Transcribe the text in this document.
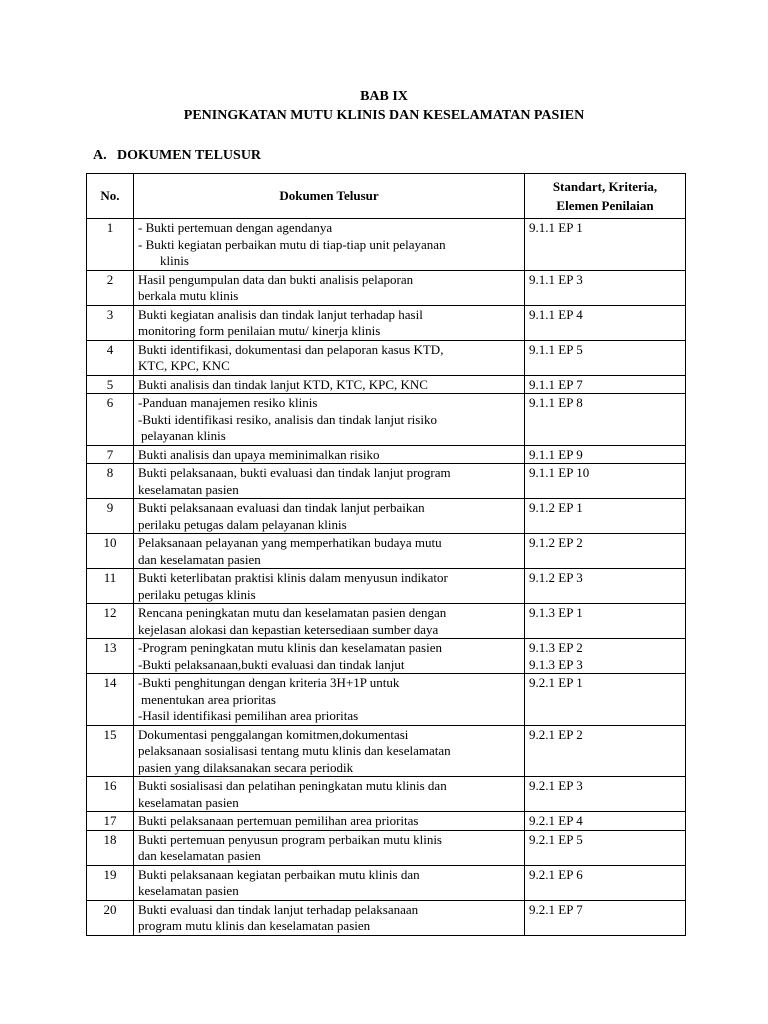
BAB IX
PENINGKATAN MUTU KLINIS DAN KESELAMATAN PASIEN
A. DOKUMEN TELUSUR
No.	Dokumen Telusur	Standart, Kriteria,
Elemen Penilaian

1	- Bukti pertemuan dengan agendanya
- Bukti kegiatan perbaikan mutu di tiap-tiap unit pelayanan
klinis	9.1.1 EP 1

2	Hasil pengumpulan data dan bukti analisis pelaporan
berkala mutu klinis	9.1.1 EP 3

3	Bukti kegiatan analisis dan tindak lanjut terhadap hasil
monitoring form penilaian mutu/ kinerja klinis	9.1.1 EP 4

4	Bukti identifikasi, dokumentasi dan pelaporan kasus KTD,
KTC, KPC, KNC	9.1.1 EP 5

5	Bukti analisis dan tindak lanjut KTD, KTC, KPC, KNC	9.1.1 EP 7

6	-Panduan manajemen resiko klinis
-Bukti identifikasi resiko, analisis dan tindak lanjut risiko
pelayanan klinis	9.1.1 EP 8

7	Bukti analisis dan upaya meminimalkan risiko	9.1.1 EP 9

8	Bukti pelaksanaan, bukti evaluasi dan tindak lanjut program
keselamatan pasien	9.1.1 EP 10

9	Bukti pelaksanaan evaluasi dan tindak lanjut perbaikan
perilaku petugas dalam pelayanan klinis	9.1.2 EP 1

10	Pelaksanaan pelayanan yang memperhatikan budaya mutu
dan keselamatan pasien	9.1.2 EP 2

11	Bukti keterlibatan praktisi klinis dalam menyusun indikator
perilaku petugas klinis	9.1.2 EP 3

12	Rencana peningkatan mutu dan keselamatan pasien dengan
kejelasan alokasi dan kepastian ketersediaan sumber daya	9.1.3 EP 1

13	-Program peningkatan mutu klinis dan keselamatan pasien
-Bukti pelaksanaan,bukti evaluasi dan tindak lanjut	9.1.3 EP 2
9.1.3 EP 3

14	-Bukti penghitungan dengan kriteria 3H+1P untuk
menentukan area prioritas
-Hasil identifikasi pemilihan area prioritas	9.2.1 EP 1

15	Dokumentasi penggalangan komitmen,dokumentasi
pelaksanaan sosialisasi tentang mutu klinis dan keselamatan
pasien yang dilaksanakan secara periodik	9.2.1 EP 2

16	Bukti sosialisasi dan pelatihan peningkatan mutu klinis dan
keselamatan pasien	9.2.1 EP 3

17	Bukti pelaksanaan pertemuan pemilihan area prioritas	9.2.1 EP 4

18	Bukti pertemuan penyusun program perbaikan mutu klinis
dan keselamatan pasien	9.2.1 EP 5

19	Bukti pelaksanaan kegiatan perbaikan mutu klinis dan
keselamatan pasien	9.2.1 EP 6

20	Bukti evaluasi dan tindak lanjut terhadap pelaksanaan
program mutu klinis dan keselamatan pasien	9.2.1 EP 7
